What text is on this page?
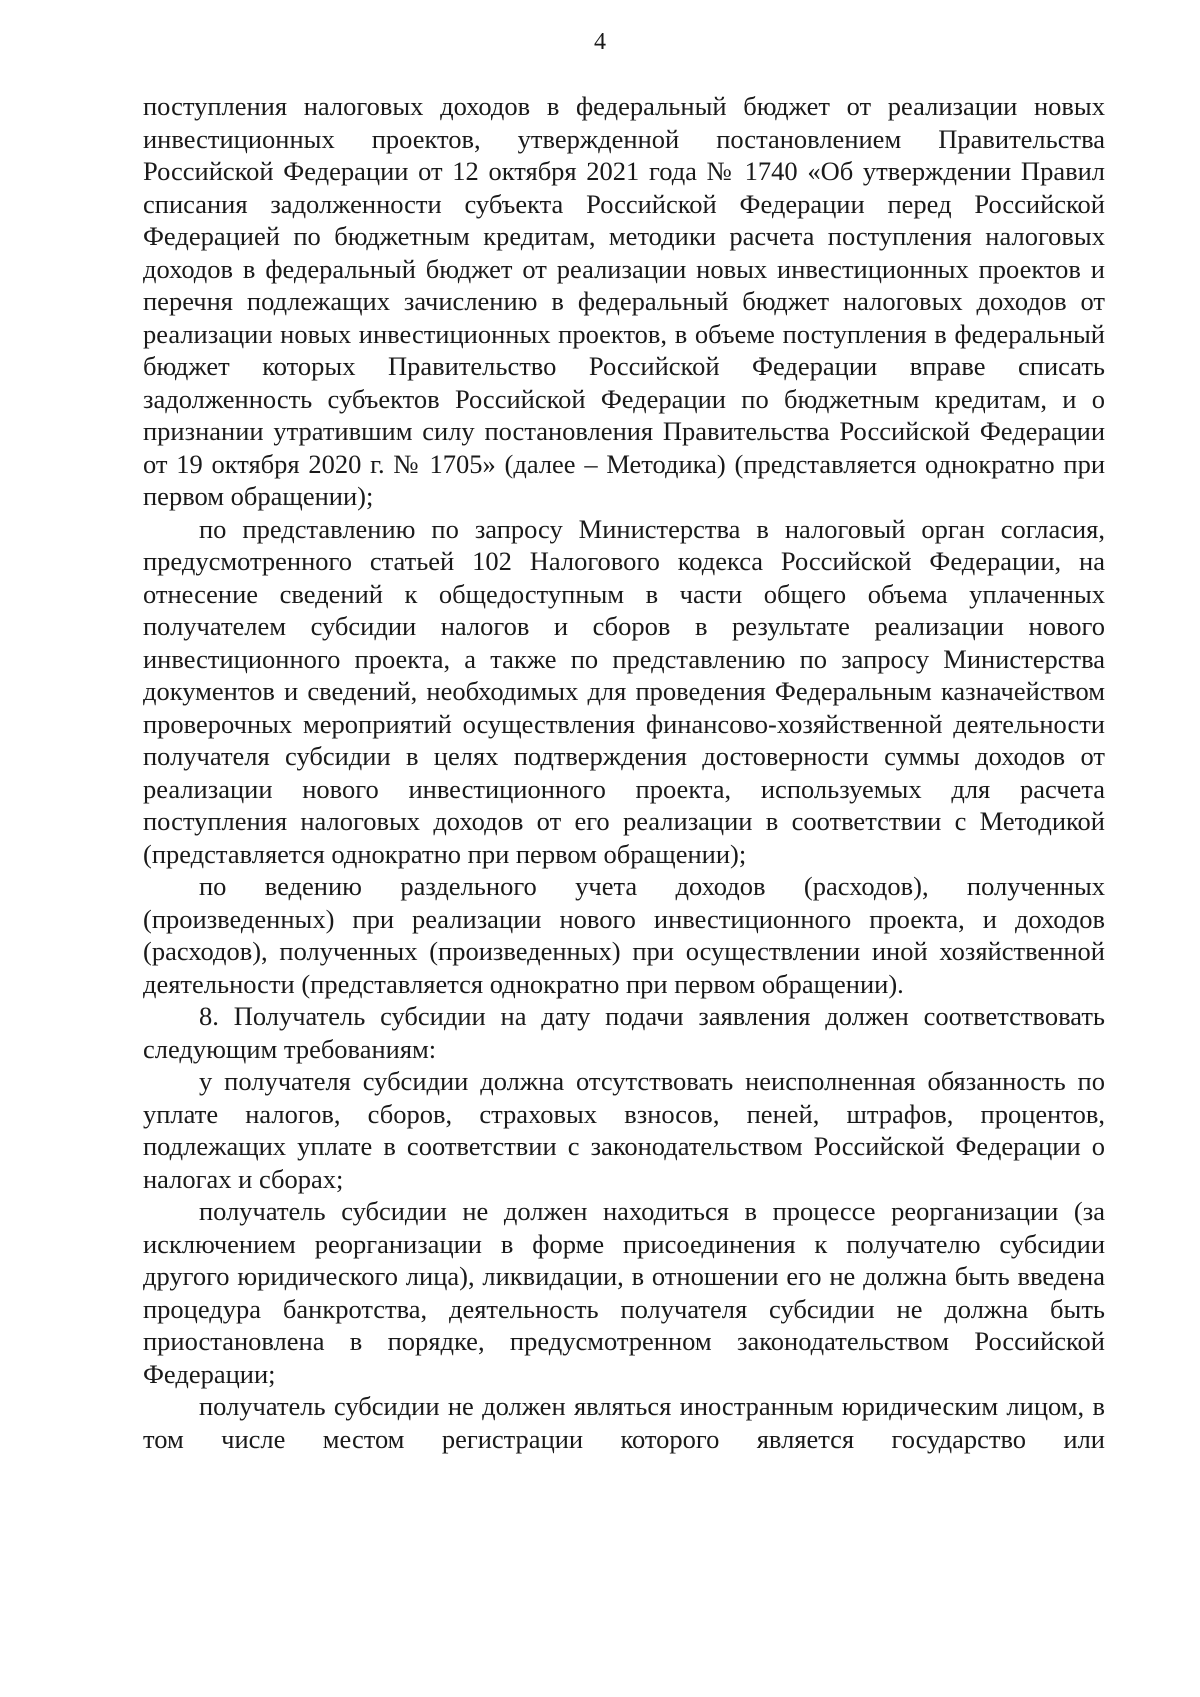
4

поступления налоговых доходов в федеральный бюджет от реализации новых инвестиционных проектов, утвержденной постановлением Правительства Российской Федерации от 12 октября 2021 года № 1740 «Об утверждении Правил списания задолженности субъекта Российской Федерации перед Российской Федерацией по бюджетным кредитам, методики расчета поступления налоговых доходов в федеральный бюджет от реализации новых инвестиционных проектов и перечня подлежащих зачислению в федеральный бюджет налоговых доходов от реализации новых инвестиционных проектов, в объеме поступления в федеральный бюджет которых Правительство Российской Федерации вправе списать задолженность субъектов Российской Федерации по бюджетным кредитам, и о признании утратившим силу постановления Правительства Российской Федерации от 19 октября 2020 г. № 1705» (далее – Методика) (представляется однократно при первом обращении);

по представлению по запросу Министерства в налоговый орган согласия, предусмотренного статьей 102 Налогового кодекса Российской Федерации, на отнесение сведений к общедоступным в части общего объема уплаченных получателем субсидии налогов и сборов в результате реализации нового инвестиционного проекта, а также по представлению по запросу Министерства документов и сведений, необходимых для проведения Федеральным казначейством проверочных мероприятий осуществления финансово-хозяйственной деятельности получателя субсидии в целях подтверждения достоверности суммы доходов от реализации нового инвестиционного проекта, используемых для расчета поступления налоговых доходов от его реализации в соответствии с Методикой (представляется однократно при первом обращении);

по ведению раздельного учета доходов (расходов), полученных (произведенных) при реализации нового инвестиционного проекта, и доходов (расходов), полученных (произведенных) при осуществлении иной хозяйственной деятельности (представляется однократно при первом обращении).

8. Получатель субсидии на дату подачи заявления должен соответствовать следующим требованиям:

у получателя субсидии должна отсутствовать неисполненная обязанность по уплате налогов, сборов, страховых взносов, пеней, штрафов, процентов, подлежащих уплате в соответствии с законодательством Российской Федерации о налогах и сборах;

получатель субсидии не должен находиться в процессе реорганизации (за исключением реорганизации в форме присоединения к получателю субсидии другого юридического лица), ликвидации, в отношении его не должна быть введена процедура банкротства, деятельность получателя субсидии не должна быть приостановлена в порядке, предусмотренном законодательством Российской Федерации;

получатель субсидии не должен являться иностранным юридическим лицом, в том числе местом регистрации которого является государство или
